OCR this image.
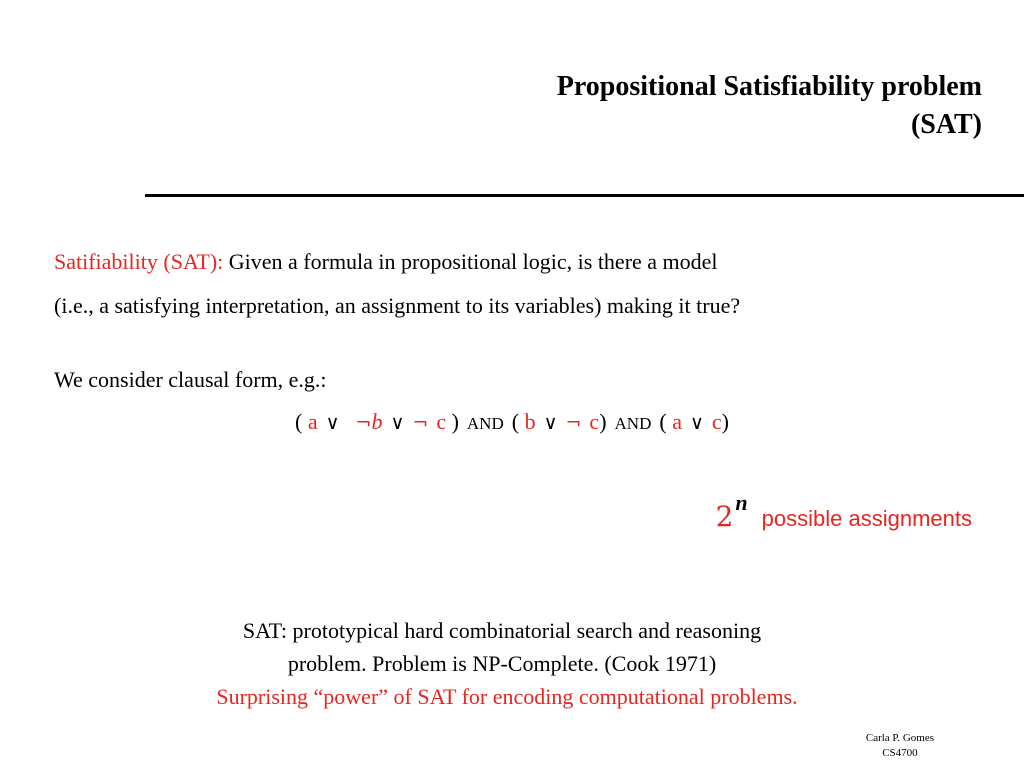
Propositional Satisfiability problem
(SAT)
Satifiability (SAT): Given a formula in propositional logic, is there a model
(i.e., a satisfying interpretation, an assignment to its variables) making it true?
We consider clausal form, e.g.:
( a ∨ ¬b ∨ ¬ c ) AND ( b ∨ ¬ c) AND ( a ∨ c)
2npossible assignments
SAT: prototypical hard combinatorial search and reasoning
problem. Problem is NP-Complete. (Cook 1971)
Surprising “power” of SAT for encoding computational problems.
Carla P. Gomes
CS4700
